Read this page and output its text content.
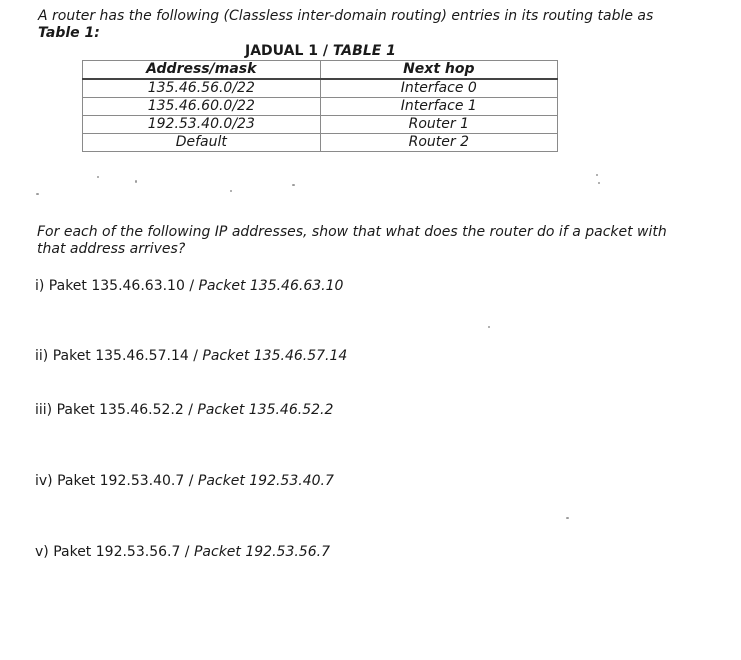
A router has the following (Classless inter-domain routing) entries in its routing table as
Table 1:
JADUAL 1 / TABLE 1
Address/mask	Next hop
135.46.56.0/22	Interface 0
135.46.60.0/22	Interface 1
192.53.40.0/23	Router 1
Default	Router 2
For each of the following IP addresses, show that what does the router do if a packet with that address arrives?
i) Paket 135.46.63.10 / Packet 135.46.63.10
ii) Paket 135.46.57.14 / Packet 135.46.57.14
iii) Paket 135.46.52.2 / Packet 135.46.52.2
iv) Paket 192.53.40.7 / Packet 192.53.40.7
v) Paket 192.53.56.7 / Packet 192.53.56.7
